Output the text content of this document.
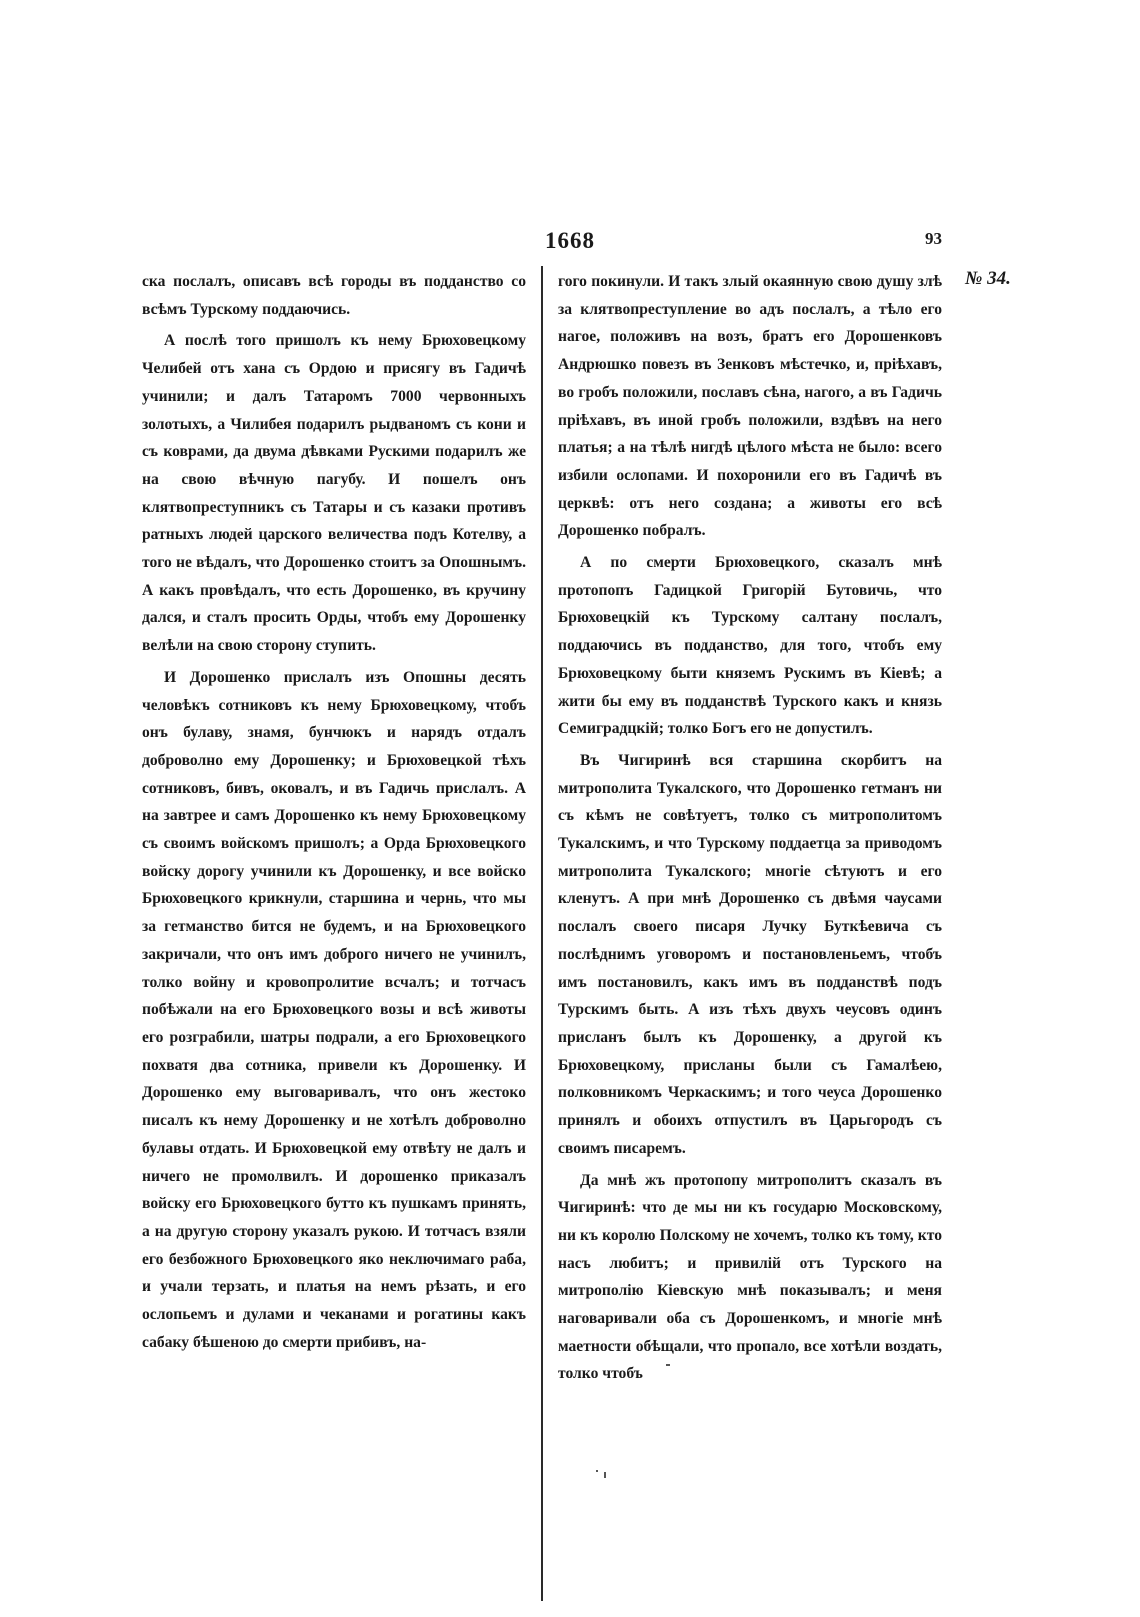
1668	93
№ 34.

ска послалъ, описавъ всѣ городы въ подданство со всѣмъ Турскому поддаючись.

А послѣ того пришолъ къ нему Брюховецкому Челибей отъ хана съ Ордою и присягу въ Гадичѣ учинили; и далъ Татаромъ 7000 червонныхъ золотыхъ, а Чилибея подарилъ рыдваномъ съ кони и съ коврами, да двума дѣвками Рускими подарилъ же на свою вѣчную пагубу. И пошелъ онъ клятвопреступникъ съ Татары и съ казаки противъ ратныхъ людей царского величества подъ Котелву, а того не вѣдалъ, что Дорошенко стоитъ за Опошнымъ. А какъ провѣдалъ, что есть Дорошенко, въ кручину дался, и сталъ просить Орды, чтобъ ему Дорошенку велѣли на свою сторону ступить.

И Дорошенко прислалъ изъ Опошны десять человѣкъ сотниковъ къ нему Брюховецкому, чтобъ онъ булаву, знамя, бунчюкъ и нарядъ отдалъ доброволно ему Дорошенку; и Брюховецкой тѣхъ сотниковъ, бивъ, оковалъ, и въ Гадичь прислалъ. А на завтрее и самъ Дорошенко къ нему Брюховецкому съ своимъ войскомъ пришолъ; а Орда Брюховецкого войску дорогу учинили къ Дорошенку, и все войско Брюховецкого крикнули, старшина и чернь, что мы за гетманство бится не будемъ, и на Брюховецкого закричали, что онъ имъ доброго ничего не учинилъ, толко войну и кровопролитие всчалъ; и тотчасъ побѣжали на его Брюховецкого возы и всѣ животы его розграбили, шатры подрали, а его Брюховецкого похватя два сотника, привели къ Дорошенку. И Дорошенко ему выговаривалъ, что онъ жестоко писалъ къ нему Дорошенку и не хотѣлъ доброволно булавы отдать. И Брюховецкой ему отвѣту не далъ и ничего не промолвилъ. И дорошенко приказалъ войску его Брюховецкого бутто къ пушкамъ принять, а на другую сторону указалъ рукою. И тотчасъ взяли его безбожного Брюховецкого яко неключимаго раба, и учали терзать, и платья на немъ рѣзать, и его ослопьемъ и дулами и чеканами и рогатины какъ сабаку бѣшеною до смерти прибивъ, на-

гого покинули. И такъ злый окаянную свою душу злѣ за клятвопреступление во адъ послалъ, а тѣло его нагое, положивъ на возъ, братъ его Дорошенковъ Андрюшко повезъ въ Зенковъ мѣстечко, и, прiѣхавъ, во гробъ положили, пославъ сѣна, нагого, а въ Гадичь прiѣхавъ, въ иной гробъ положили, вздѣвъ на него платья; а на тѣлѣ нигдѣ цѣлого мѣста не было: всего избили ослопами. И похоронили его въ Гадичѣ въ церквѣ: отъ него создана; а животы его всѣ Дорошенко побралъ.

А по смерти Брюховецкого, сказалъ мнѣ протопопъ Гадицкой Григорiй Бутовичь, что Брюховецкiй къ Турскому салтану послалъ, поддаючись въ подданство, для того, чтобъ ему Брюховецкому быти княземъ Рускимъ въ Кiевѣ; а жити бы ему въ подданствѣ Турского какъ и князь Семиградцкiй; толко Богъ его не допустилъ.

Въ Чигиринѣ вся старшина скорбитъ на митрополита Тукалского, что Дорошенко гетманъ ни съ кѣмъ не совѣтуетъ, толко съ митрополитомъ Тукалскимъ, и что Турскому поддаетца за приводомъ митрополита Тукалского; многiе сѣтуютъ и его кленутъ. А при мнѣ Дорошенко съ двѣмя чаусами послалъ своего писаря Лучку Буткѣевича съ послѣднимъ уговоромъ и постановленьемъ, чтобъ имъ постановилъ, какъ имъ въ подданствѣ подъ Турскимъ быть. А изъ тѣхъ двухъ чеусовъ одинъ присланъ былъ къ Дорошенку, а другой къ Брюховецкому, присланы были съ Гамалѣею, полковникомъ Черкаскимъ; и того чеуса Дорошенко принялъ и обоихъ отпустилъ въ Царьгородъ съ своимъ писаремъ.

Да мнѣ жъ протопопу митрополитъ сказалъ въ Чигиринѣ: что де мы ни къ государю Московскому, ни къ королю Полскому не хочемъ, толко къ тому, кто насъ любитъ; и привилiй отъ Турского на митрополiю Кiевскую мнѣ показывалъ; и меня наговаривали оба съ Дорошенкомъ, и многiе мнѣ маетности обѣщали, что пропало, все хотѣли воздать, толко чтобъ
